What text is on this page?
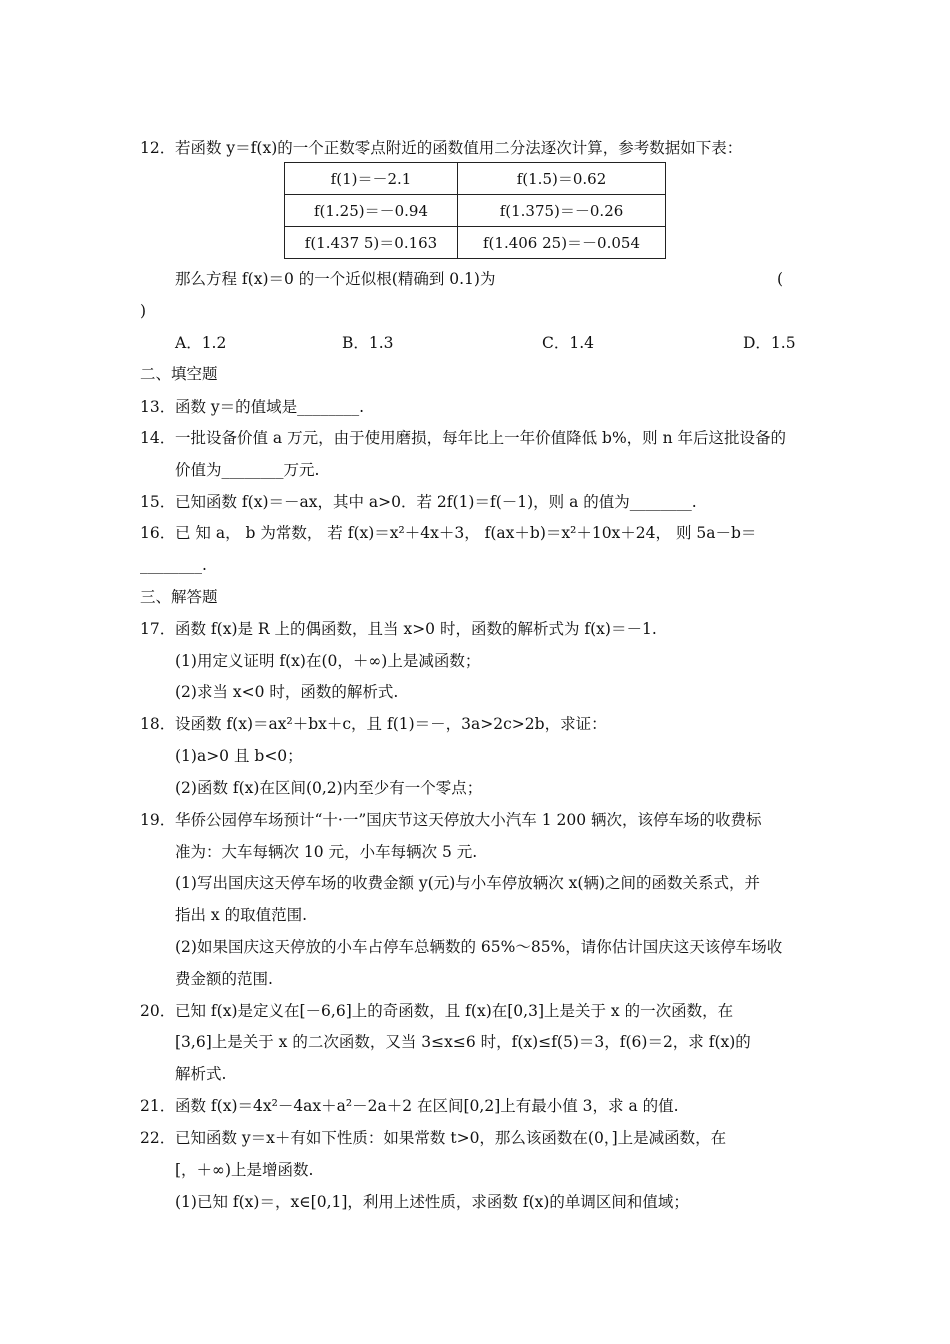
12． 若函数 y＝f(x)的一个正数零点附近的函数值用二分法逐次计算，参考数据如下表：
f(1)＝－2.1	f(1.5)＝0.62
f(1.25)＝－0.94	f(1.375)＝－0.26
f(1.437 5)＝0.163	f(1.406 25)＝－0.054
那么方程 f(x)＝0 的一个近似根(精确到 0.1)为	(
)
A．1.2	B．1.3	C．1.4	D．1.5
二、填空题
13． 函数 y＝的值域是________.
14． 一批设备价值 a 万元，由于使用磨损，每年比上一年价值降低 b%，则 n 年后这批设备的
价值为________万元.
15． 已知函数 f(x)＝－ax，其中 a>0．若 2f(1)＝f(－1)，则 a 的值为________.
16． 已 知 a， b 为常数， 若 f(x)＝x²＋4x＋3， f(ax＋b)＝x²＋10x＋24， 则 5a－b＝
________.
三、解答题
17． 函数 f(x)是 R 上的偶函数，且当 x>0 时，函数的解析式为 f(x)＝－1.
(1)用定义证明 f(x)在(0，＋∞)上是减函数；
(2)求当 x<0 时，函数的解析式.
18． 设函数 f(x)＝ax²＋bx＋c，且 f(1)＝－，3a>2c>2b，求证：
(1)a>0 且 b<0；
(2)函数 f(x)在区间(0,2)内至少有一个零点；
19． 华侨公园停车场预计“十·一”国庆节这天停放大小汽车 1 200 辆次，该停车场的收费标
准为：大车每辆次 10 元，小车每辆次 5 元.
(1)写出国庆这天停车场的收费金额 y(元)与小车停放辆次 x(辆)之间的函数关系式，并
指出 x 的取值范围.
(2)如果国庆这天停放的小车占停车总辆数的 65%～85%，请你估计国庆这天该停车场收
费金额的范围.
20． 已知 f(x)是定义在[－6,6]上的奇函数，且 f(x)在[0,3]上是关于 x 的一次函数，在
[3,6]上是关于 x 的二次函数，又当 3≤x≤6 时，f(x)≤f(5)＝3，f(6)＝2，求 f(x)的
解析式.
21． 函数 f(x)＝4x²－4ax＋a²－2a＋2 在区间[0,2]上有最小值 3，求 a 的值.
22． 已知函数 y＝x＋有如下性质：如果常数 t>0，那么该函数在(0，]上是减函数，在
[，＋∞)上是增函数.
(1)已知 f(x)＝，x∈[0,1]，利用上述性质，求函数 f(x)的单调区间和值域；
